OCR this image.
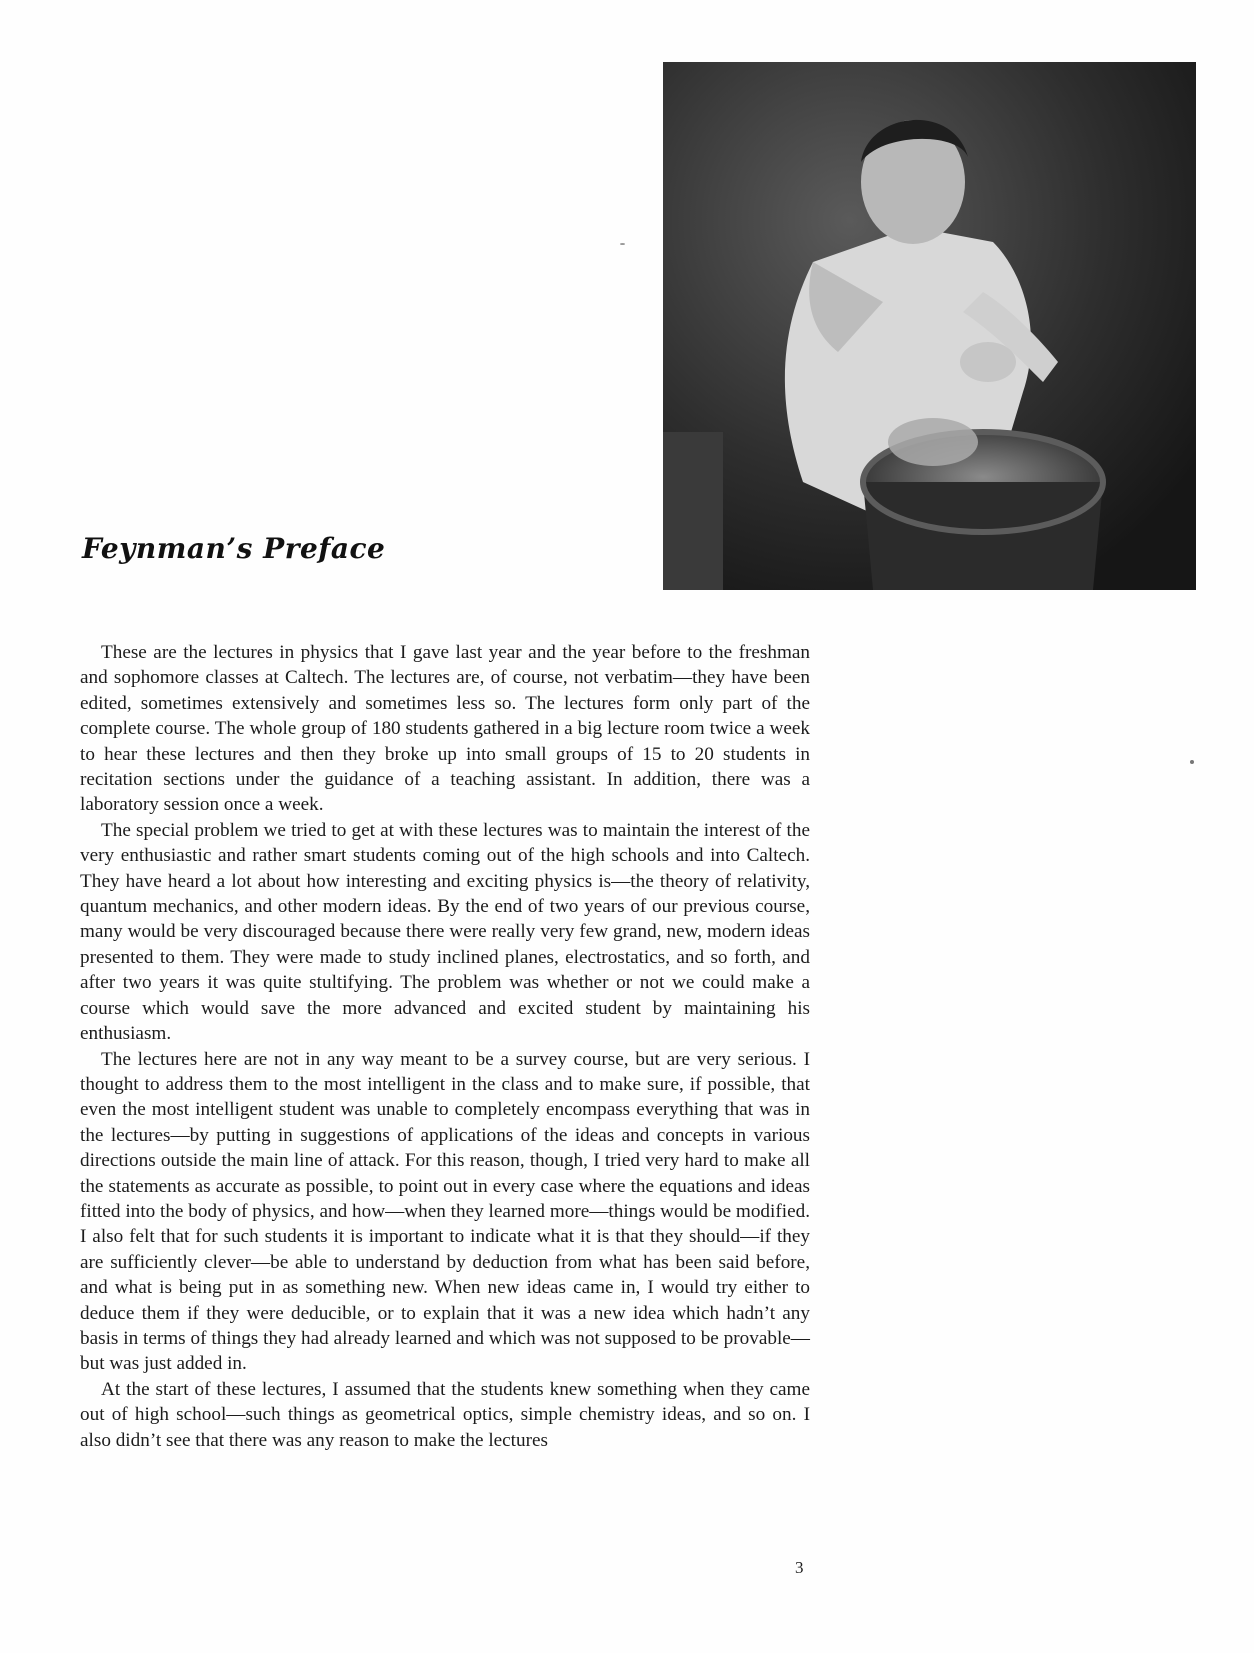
Feynman’s Preface

These are the lectures in physics that I gave last year and the year before to the freshman and sophomore classes at Caltech. The lectures are, of course, not verbatim—they have been edited, sometimes extensively and sometimes less so. The lectures form only part of the complete course. The whole group of 180 students gathered in a big lecture room twice a week to hear these lectures and then they broke up into small groups of 15 to 20 students in recitation sections under the guidance of a teaching assistant. In addition, there was a laboratory session once a week.

The special problem we tried to get at with these lectures was to maintain the interest of the very enthusiastic and rather smart students coming out of the high schools and into Caltech. They have heard a lot about how interesting and exciting physics is—the theory of relativity, quantum mechanics, and other modern ideas. By the end of two years of our previous course, many would be very discouraged because there were really very few grand, new, modern ideas presented to them. They were made to study inclined planes, electrostatics, and so forth, and after two years it was quite stultifying. The problem was whether or not we could make a course which would save the more advanced and excited student by maintaining his enthusiasm.

The lectures here are not in any way meant to be a survey course, but are very serious. I thought to address them to the most intelligent in the class and to make sure, if possible, that even the most intelligent student was unable to completely encompass everything that was in the lectures—by putting in suggestions of applications of the ideas and concepts in various directions outside the main line of attack. For this reason, though, I tried very hard to make all the statements as accurate as possible, to point out in every case where the equations and ideas fitted into the body of physics, and how—when they learned more—things would be modified. I also felt that for such students it is important to indicate what it is that they should—if they are sufficiently clever—be able to understand by deduction from what has been said before, and what is being put in as something new. When new ideas came in, I would try either to deduce them if they were deducible, or to explain that it was a new idea which hadn’t any basis in terms of things they had already learned and which was not supposed to be provable—but was just added in.

At the start of these lectures, I assumed that the students knew something when they came out of high school—such things as geometrical optics, simple chemistry ideas, and so on. I also didn’t see that there was any reason to make the lectures

3
